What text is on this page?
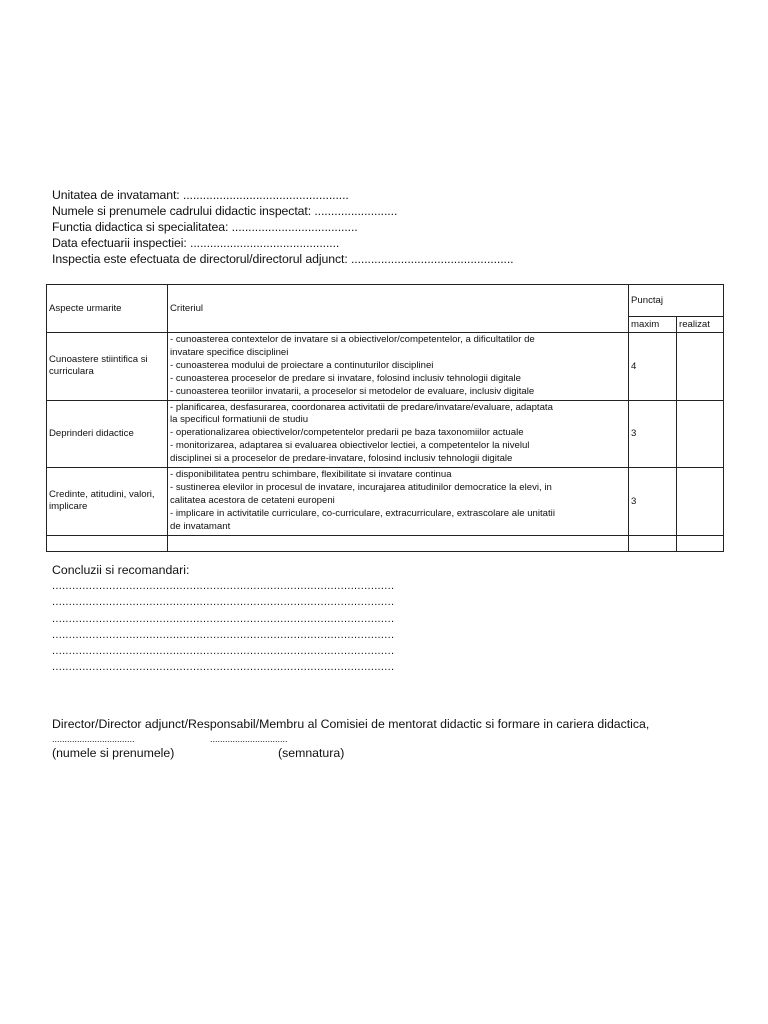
Unitatea de invatamant: ..................................................
Numele si prenumele cadrului didactic inspectat: .........................
Functia didactica si specialitatea: ......................................
Data efectuarii inspectiei: .............................................
Inspectia este efectuata de directorul/directorul adjunct: .................................................
Aspecte urmarite	Criteriul	Punctaj	
		maxim	realizat
Cunoastere stiintifica si curriculara	- cunoasterea contextelor de invatare si a obiectivelor/competentelor, a dificultatilor de
invatare specifice disciplinei
- cunoasterea modului de proiectare a continuturilor disciplinei
- cunoasterea proceselor de predare si invatare, folosind inclusiv tehnologii digitale
- cunoasterea teoriilor invatarii, a proceselor si metodelor de evaluare, inclusiv digitale	4	
Deprinderi didactice	- planificarea, desfasurarea, coordonarea activitatii de predare/invatare/evaluare, adaptata
la specificul formatiunii de studiu
- operationalizarea obiectivelor/competentelor predarii pe baza taxonomiilor actuale
- monitorizarea, adaptarea si evaluarea obiectivelor lectiei, a competentelor la nivelul
disciplinei si a proceselor de predare-invatare, folosind inclusiv tehnologii digitale	3	
Credinte, atitudini, valori, implicare	- disponibilitatea pentru schimbare, flexibilitate si invatare continua
- sustinerea elevilor in procesul de invatare, incurajarea atitudinilor democratice la elevi, in
calitatea acestora de cetateni europeni
- implicare in activitatile curriculare, co-curriculare, extracurriculare, extrascolare ale unitatii
de invatamant	3	

Concluzii si recomandari:
......................................................................................................
......................................................................................................
......................................................................................................
......................................................................................................
......................................................................................................
......................................................................................................
Director/Director adjunct/Responsabil/Membru al Comisiei de mentorat didactic si formare in cariera didactica,
.................................	...............................
(numele si prenumele)	(semnatura)
